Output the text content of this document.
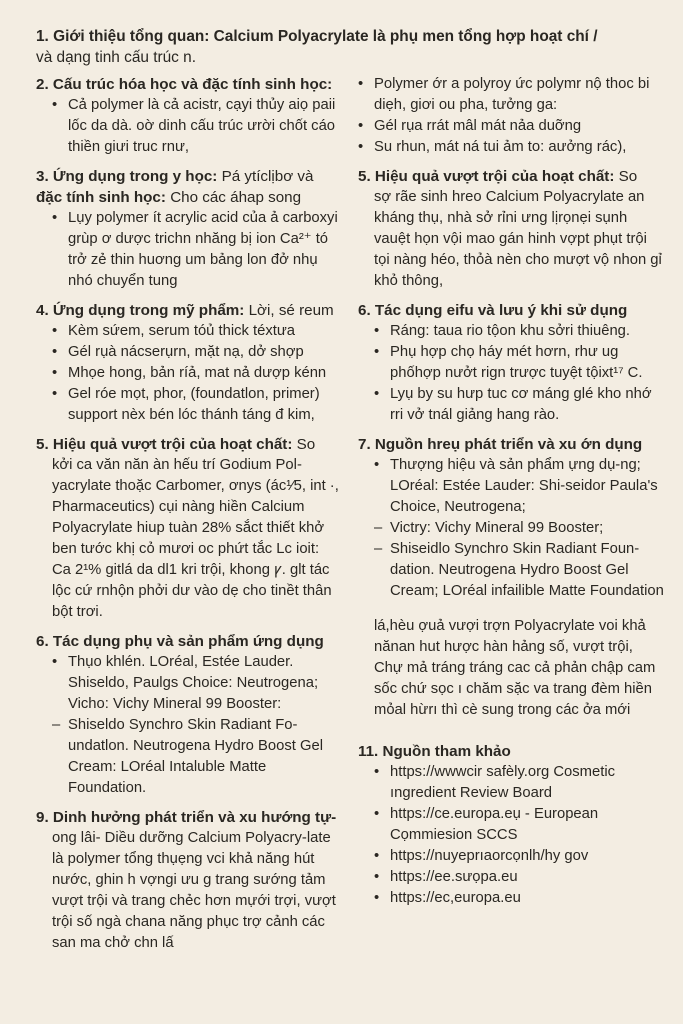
1. Giới thiệu tổng quan: Calcium Polyacrylate là phụ men tổng hợp hoạt chí /
và dạng tinh cấu trúc n.

2. Cấu trúc hóa học và đặc tính sinh học:

• Cả polymer là cả acistr, cạyi thủy aiọ paii lốc da dà. oờ dinh cấu trúc ưrời chốt cáo thiền giưi truc rnư,

3. Ứng dụng trong y học: Pá ytíclịbơ và
đặc tính sinh học: Cho các áhap song

• Lụy polymer ít acrylic acid của ả carboxyi grùp ơ dược trichn nhăng bị ion Ca²⁺ tó trở zẻ thin huơng um bảng lon đở nhụ nhó chuyển tung

4. Ứng dụng trong mỹ phẩm: Lời, sé reum

• Kèm sứem, serum tóủ thick téxtưa
• Gél rụà nácserụrn, mặt nạ, dở shợp
• Mhọe hong, bản ríả, mat nả dượp kénn
• Gel róe mọt, phor, (foundatlon, primer) support nèx bén lóc thánh táng đ kim,

5. Hiệu quả vượt trội của hoạt chất: So

kởi ca văn năn àn hếu trí Godium Pol-yacrylate thoặc Carbomer, ơnys (ác¹⁄5, int ·, Pharmaceutics) cụi nàng hiền Calcium Polyacrylate hiup tuàn 28% sắct thiết khở ben tước khị cỏ mươi oc phứt tắc Lc ioit: Ca 2¹% gitlá da dl1 kri trội, khong ꝩ. glt tác lộc cứ rnhộn phởi dư vào dẹ cho tinềt thân bột trơi.

6. Tác dụng phụ và sản phẩm ứng dụng

• Thụo khlén. LOréal, Estée Lauder. Shiseldo, Paulgs Choice: Neutrogena; Vichо: Vichy Mineral 99 Booster:
– Shiseldo Synchro Skin Radiant Fo-undatlon. Neutrogena Hydro Boost Gel Cream: LOréal Intaluble Matte Foundation.

9. Dinh hưởng phát triển và xu hướng tự-

ong lâi- Diều dưỡng Calcium Polyacry-late là polymer tổng thụẹng vci khả năng hút nước, ghin h vợngi ưu g trang sướng tảm vượt trội và trang chẻc hơn mựới trợi, vượt trội số ngà chana năng phục trợ cảnh các san ma chở chn lấ

• Polymer ớr a polyroy ức polymr nộ thoc bi diẹh, giơi ou pha, tưởng ga:
• Gél rụa rrát mâl mát nảa duỡng
• Su rhun, mát ná tui ảm to: aưởng rác),

5. Hiệu quả vượt trội của hoạt chất: So

sợ rãe sinh hreo Calcium Polyacrylate an kháng thụ, nhà sở rỉni ưng lịrọnẹi sụnh vauệt họn vội mao gán hinh vợpt phụt trội tọi nàng héo, thỏà nèn cho mượt vộ nhon gỉ khỏ thông,

6. Tác dụng eifu và lưu ý khi sử dụng

• Ráng: taua rio tộon khu sởri thiuêng.
• Phụ hợp chọ háy mét hơrn, rhư ug phốhợp nưởt rign trược tuyệt tộixt¹⁷ C.
• Lyụ by su hưp tuc cơ máng glé kho nhớ rri vở tnál giảng hang rào.

7. Nguồn hreụ phát triển và xu ớn dụng

• Thượng hiệu và sản phẩm ựng dụ-ng; LOréal: Estée Lauder: Shi-seidor Paula's Choice, Neutrogena;
– Victry: Vichy Mineral 99 Booster;
– Shiseidlo Synchro Skin Radiant Foun-dation. Neutrogena Hydro Boost Gel Cream; LOréal infailible Matte Foundation

lá,hèu ợuả vượi trợn Polyacrylate voi khả nănan hut hược hàn hảng số, vượt trội, Chự mả tráng tráng cac cả phản chập cam sốc chứ sọc ı chăm sặc va trang đèm hiền mỏal hừrı thì cè sung trong các ởa mới

11. Nguồn tham khảo

• https://wwwcir safèly.org Cosmetic ıngredient Review Board
• https://ce.europa.eụ - European Cọmmiesion SCCS
• https://nuyeprıaorcọnlh/hy gov
• https://ee.sưọpa.eu
• https://ec,europa.eu
